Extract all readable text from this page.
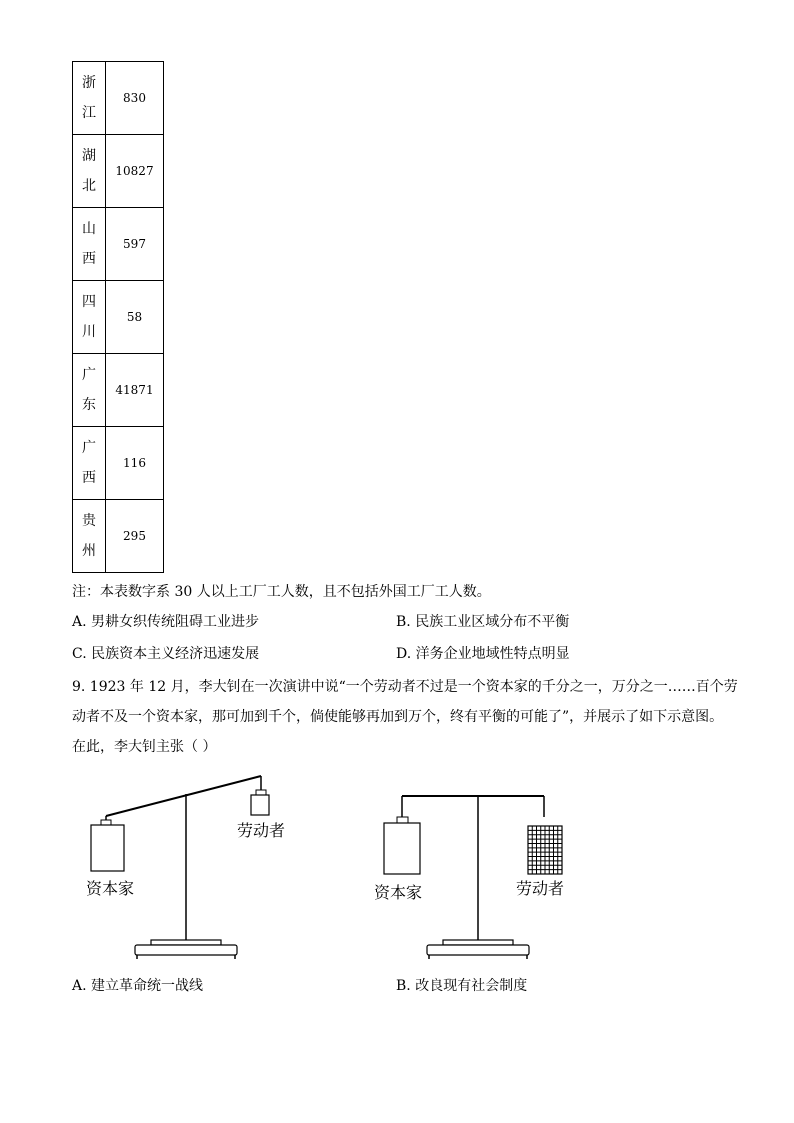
浙
江	830

湖
北	10827

山
西	597

四
川	58

广
东	41871

广
西	116

贵
州	295
注：本表数字系 30 人以上工厂工人数，且不包括外国工厂工人数。
A. 男耕女织传统阻碍工业进步	B. 民族工业区域分布不平衡
C. 民族资本主义经济迅速发展	D. 洋务企业地域性特点明显
9. 1923 年 12 月，李大钊在一次演讲中说“一个劳动者不过是一个资本家的千分之一，万分之一……百个劳
动者不及一个资本家，那可加到千个，倘使能够再加到万个，终有平衡的可能了”，并展示了如下示意图。
在此，李大钊主张（ ）
资本家
劳动者
资本家	劳动者
A. 建立革命统一战线	B. 改良现有社会制度
